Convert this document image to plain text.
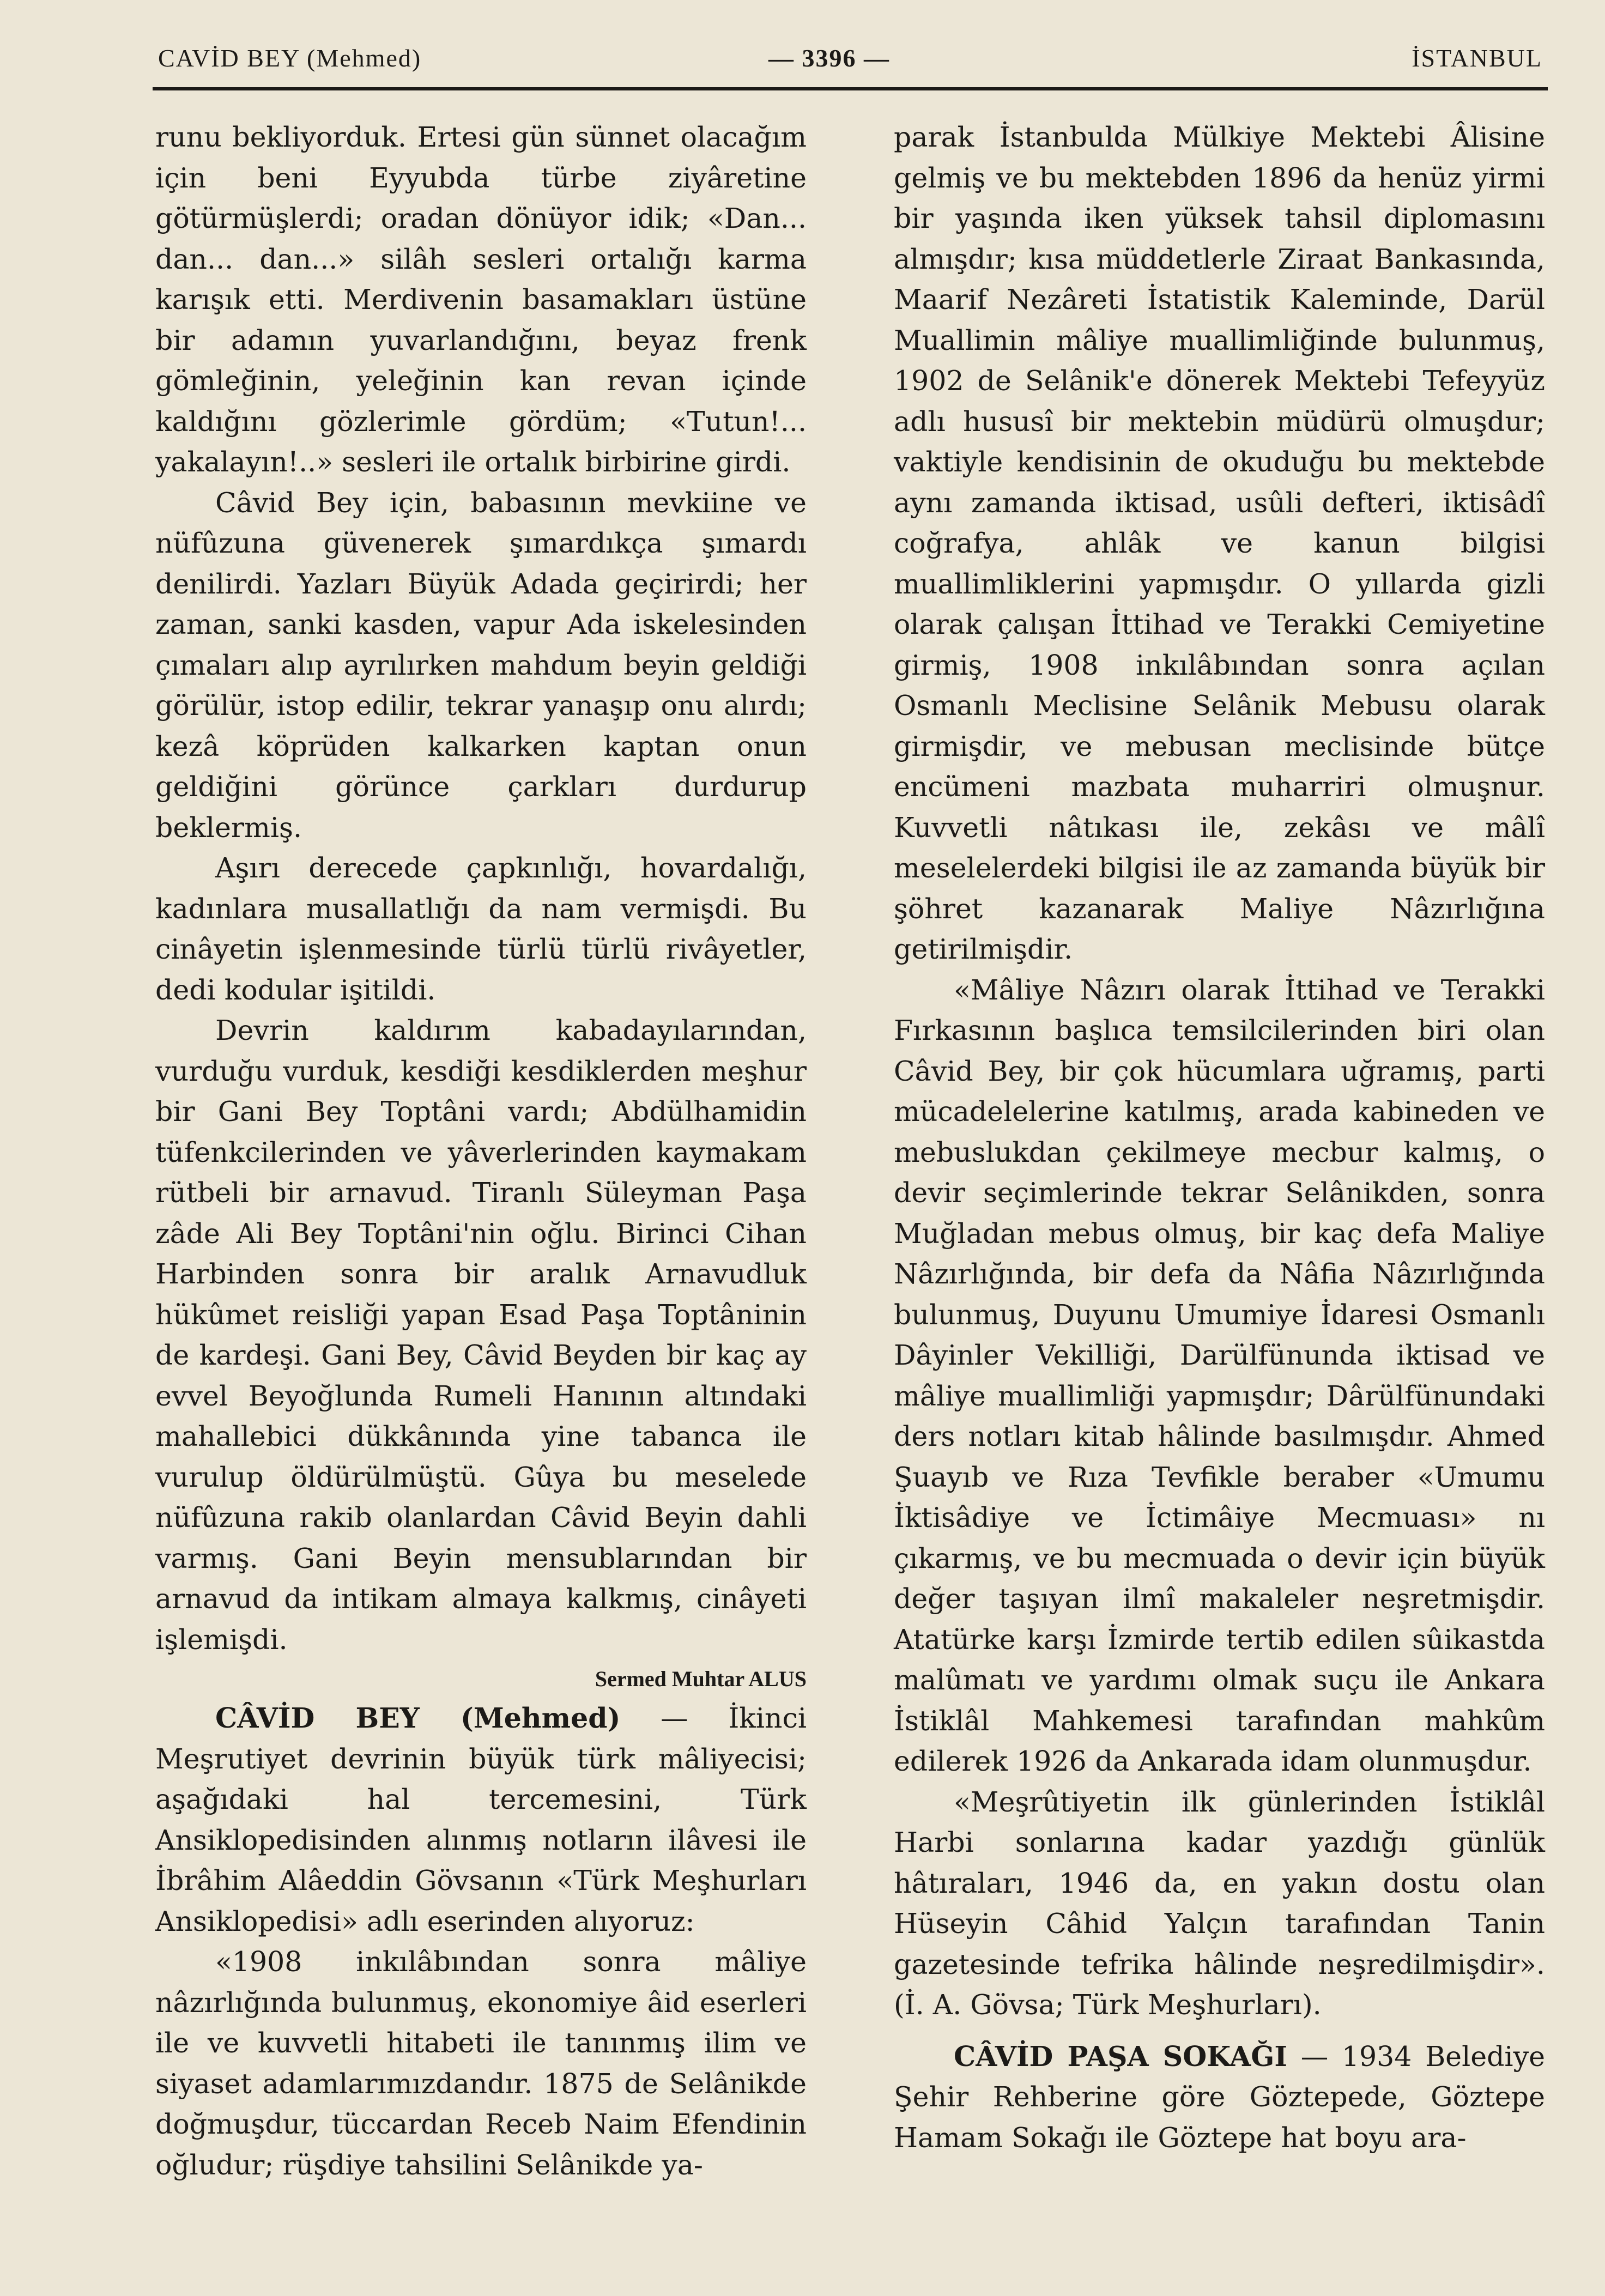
CAVİD BEY (Mehmed)	— 3396 —	İSTANBUL

runu bekliyorduk. Ertesi gün sünnet olacağım için beni Eyyubda türbe ziyâretine götürmüşlerdi; oradan dönüyor idik; «Dan... dan... dan...» silâh sesleri ortalığı karma karışık etti. Merdivenin basamakları üstüne bir adamın yuvarlandığını, beyaz frenk gömleğinin, yeleğinin kan revan içinde kaldığını gözlerimle gördüm; «Tutun!... yakalayın!..» sesleri ile ortalık birbirine girdi.

Câvid Bey için, babasının mevkiine ve nüfûzuna güvenerek şımardıkça şımardı denilirdi. Yazları Büyük Adada geçirirdi; her zaman, sanki kasden, vapur Ada iskelesinden çımaları alıp ayrılırken mahdum beyin geldiği görülür, istop edilir, tekrar yanaşıp onu alırdı; kezâ köprüden kalkarken kaptan onun geldiğini görünce çarkları durdurup beklermiş.

Aşırı derecede çapkınlığı, hovardalığı, kadınlara musallatlığı da nam vermişdi. Bu cinâyetin işlenmesinde türlü türlü rivâyetler, dedi kodular işitildi.

Devrin kaldırım kabadayılarından, vurduğu vurduk, kesdiği kesdiklerden meşhur bir Gani Bey Toptâni vardı; Abdülhamidin tüfenkcilerinden ve yâverlerinden kaymakam rütbeli bir arnavud. Tiranlı Süleyman Paşa zâde Ali Bey Toptâni'nin oğlu. Birinci Cihan Harbinden sonra bir aralık Arnavudluk hükûmet reisliği yapan Esad Paşa Toptâninin de kardeşi. Gani Bey, Câvid Beyden bir kaç ay evvel Beyoğlunda Rumeli Hanının altındaki mahallebici dükkânında yine tabanca ile vurulup öldürülmüştü. Gûya bu meselede nüfûzuna rakib olanlardan Câvid Beyin dahli varmış. Gani Beyin mensublarından bir arnavud da intikam almaya kalkmış, cinâyeti işlemişdi.

Sermed Muhtar ALUS

CÂVİD BEY (Mehmed) — İkinci Meşrutiyet devrinin büyük türk mâliyecisi; aşağıdaki hal tercemesini, Türk Ansiklopedisinden alınmış notların ilâvesi ile İbrâhim Alâeddin Gövsanın «Türk Meşhurları Ansiklopedisi» adlı eserinden alıyoruz:

«1908 inkılâbından sonra mâliye nâzırlığında bulunmuş, ekonomiye âid eserleri ile ve kuvvetli hitabeti ile tanınmış ilim ve siyaset adamlarımızdandır. 1875 de Selânikde doğmuşdur, tüccardan Receb Naim Efendinin oğludur; rüşdiye tahsilini Selânikde ya-

parak İstanbulda Mülkiye Mektebi Âlisine gelmiş ve bu mektebden 1896 da henüz yirmi bir yaşında iken yüksek tahsil diplomasını almışdır; kısa müddetlerle Ziraat Bankasında, Maarif Nezâreti İstatistik Kaleminde, Darül Muallimin mâliye muallimliğinde bulunmuş, 1902 de Selânik'e dönerek Mektebi Tefeyyüz adlı hususî bir mektebin müdürü olmuşdur; vaktiyle kendisinin de okuduğu bu mektebde aynı zamanda iktisad, usûli defteri, iktisâdî coğrafya, ahlâk ve kanun bilgisi muallimliklerini yapmışdır. O yıllarda gizli olarak çalışan İttihad ve Terakki Cemiyetine girmiş, 1908 inkılâbından sonra açılan Osmanlı Meclisine Selânik Mebusu olarak girmişdir, ve mebusan meclisinde bütçe encümeni mazbata muharriri olmuşnur. Kuvvetli nâtıkası ile, zekâsı ve mâlî meselelerdeki bilgisi ile az zamanda büyük bir şöhret kazanarak Maliye Nâzırlığına getirilmişdir.

«Mâliye Nâzırı olarak İttihad ve Terakki Fırkasının başlıca temsilcilerinden biri olan Câvid Bey, bir çok hücumlara uğramış, parti mücadelelerine katılmış, arada kabineden ve mebuslukdan çekilmeye mecbur kalmış, o devir seçimlerinde tekrar Selânikden, sonra Muğladan mebus olmuş, bir kaç defa Maliye Nâzırlığında, bir defa da Nâfia Nâzırlığında bulunmuş, Duyunu Umumiye İdaresi Osmanlı Dâyinler Vekilliği, Darülfünunda iktisad ve mâliye muallimliği yapmışdır; Dârülfünundaki ders notları kitab hâlinde basılmışdır. Ahmed Şuayıb ve Rıza Tevfikle beraber «Umumu İktisâdiye ve İctimâiye Mecmuası» nı çıkarmış, ve bu mecmuada o devir için büyük değer taşıyan ilmî makaleler neşretmişdir. Atatürke karşı İzmirde tertib edilen sûikastda malûmatı ve yardımı olmak suçu ile Ankara İstiklâl Mahkemesi tarafından mahkûm edilerek 1926 da Ankarada idam olunmuşdur.

«Meşrûtiyetin ilk günlerinden İstiklâl Harbi sonlarına kadar yazdığı günlük hâtıraları, 1946 da, en yakın dostu olan Hüseyin Câhid Yalçın tarafından Tanin gazetesinde tefrika hâlinde neşredilmişdir». (İ. A. Gövsa; Türk Meşhurları).

CÂVİD PAŞA SOKAĞI — 1934 Belediye Şehir Rehberine göre Göztepede, Göztepe Hamam Sokağı ile Göztepe hat boyu ara-
